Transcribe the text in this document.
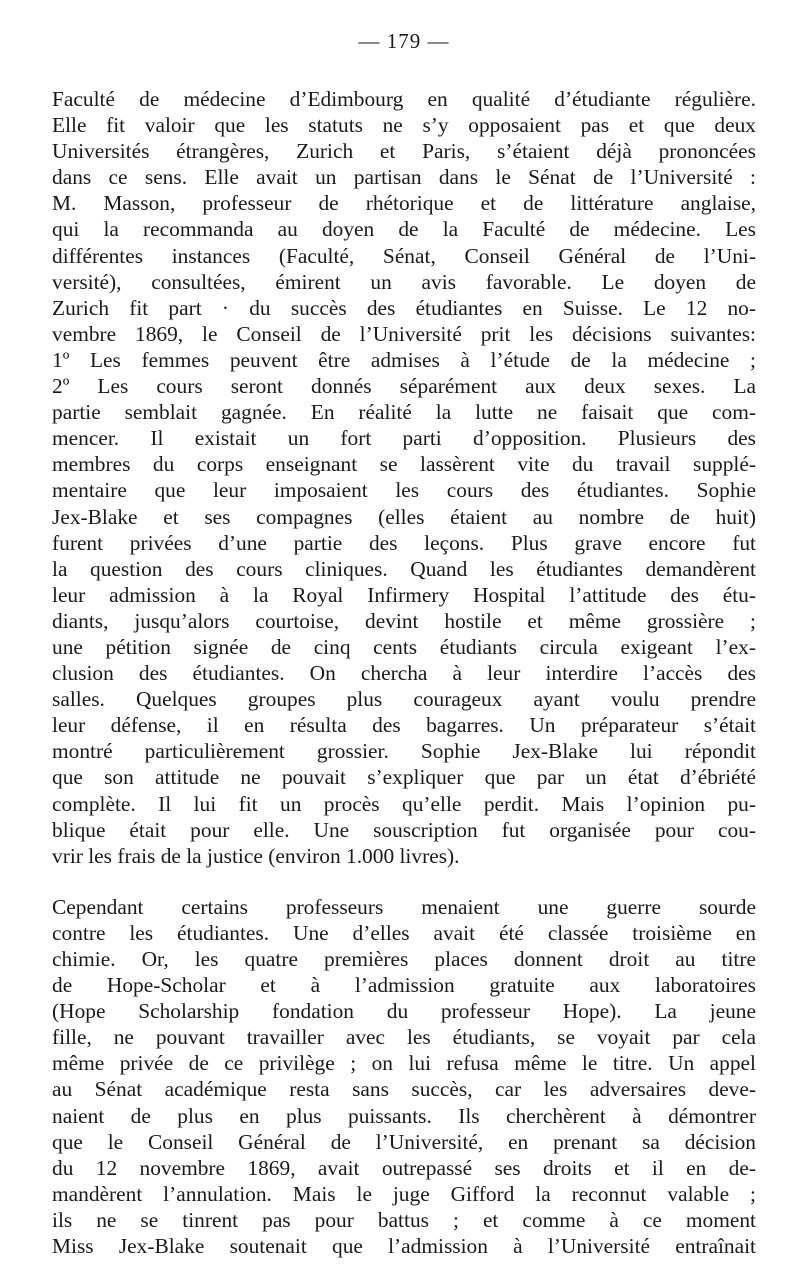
— 179 —
Faculté de médecine d’Edimbourg en qualité d’étudiante régulière.
Elle fit valoir que les statuts ne s’y opposaient pas et que deux
Universités étrangères, Zurich et Paris, s’étaient déjà prononcées
dans ce sens. Elle avait un partisan dans le Sénat de l’Université :
M. Masson, professeur de rhétorique et de littérature anglaise,
qui la recommanda au doyen de la Faculté de médecine. Les
différentes instances (Faculté, Sénat, Conseil Général de l’Uni-
versité), consultées, émirent un avis favorable. Le doyen de
Zurich fit part · du succès des étudiantes en Suisse. Le 12 no-
vembre 1869, le Conseil de l’Université prit les décisions suivantes:
1º Les femmes peuvent être admises à l’étude de la médecine ;
2º Les cours seront donnés séparément aux deux sexes. La
partie semblait gagnée. En réalité la lutte ne faisait que com-
mencer. Il existait un fort parti d’opposition. Plusieurs des
membres du corps enseignant se lassèrent vite du travail supplé-
mentaire que leur imposaient les cours des étudiantes. Sophie
Jex-Blake et ses compagnes (elles étaient au nombre de huit)
furent privées d’une partie des leçons. Plus grave encore fut
la question des cours cliniques. Quand les étudiantes demandèrent
leur admission à la Royal Infirmery Hospital l’attitude des étu-
diants, jusqu’alors courtoise, devint hostile et même grossière ;
une pétition signée de cinq cents étudiants circula exigeant l’ex-
clusion des étudiantes. On chercha à leur interdire l’accès des
salles. Quelques groupes plus courageux ayant voulu prendre
leur défense, il en résulta des bagarres. Un préparateur s’était
montré particulièrement grossier. Sophie Jex-Blake lui répondit
que son attitude ne pouvait s’expliquer que par un état d’ébriété
complète. Il lui fit un procès qu’elle perdit. Mais l’opinion pu-
blique était pour elle. Une souscription fut organisée pour cou-
vrir les frais de la justice (environ 1.000 livres).
Cependant certains professeurs menaient une guerre sourde
contre les étudiantes. Une d’elles avait été classée troisième en
chimie. Or, les quatre premières places donnent droit au titre
de Hope-Scholar et à l’admission gratuite aux laboratoires
(Hope Scholarship fondation du professeur Hope). La jeune
fille, ne pouvant travailler avec les étudiants, se voyait par cela
même privée de ce privilège ; on lui refusa même le titre. Un appel
au Sénat académique resta sans succès, car les adversaires deve-
naient de plus en plus puissants. Ils cherchèrent à démontrer
que le Conseil Général de l’Université, en prenant sa décision
du 12 novembre 1869, avait outrepassé ses droits et il en de-
mandèrent l’annulation. Mais le juge Gifford la reconnut valable ;
ils ne se tinrent pas pour battus ; et comme à ce moment
Miss Jex-Blake soutenait que l’admission à l’Université entraînait
